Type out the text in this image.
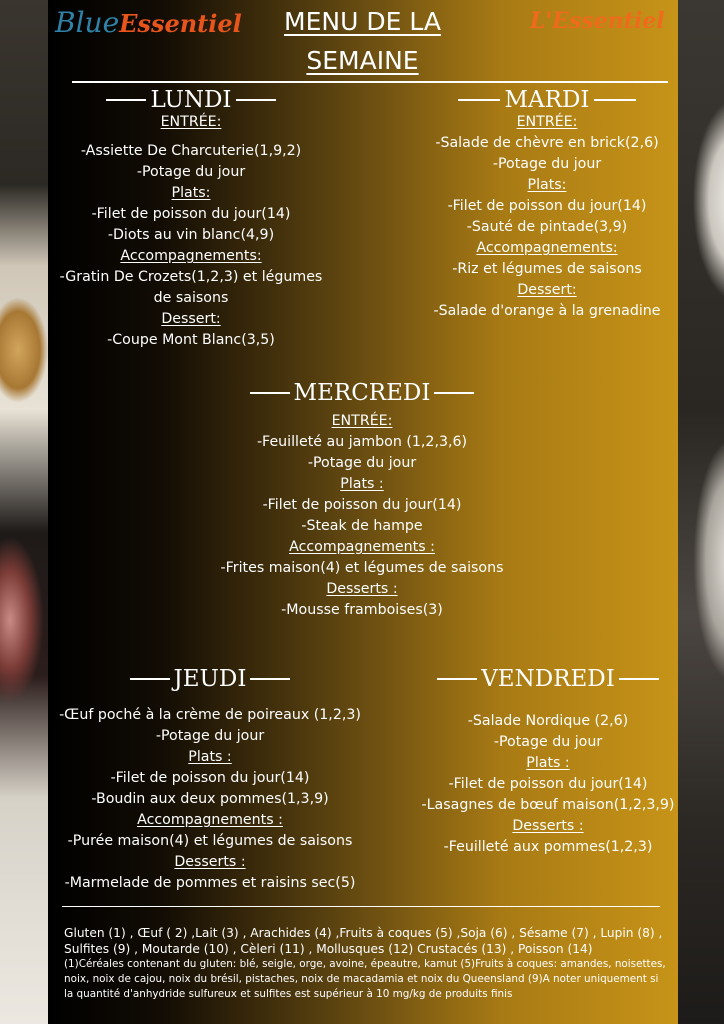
BlueEssentiel	L'Essentiel
MENU DE LA
SEMAINE
LUNDI
ENTRÉE:
-Assiette De Charcuterie(1,9,2)
-Potage du jour
Plats:
-Filet de poisson du jour(14)
-Diots au vin blanc(4,9)
Accompagnements:
-Gratin De Crozets(1,2,3) et légumes
de saisons
Dessert:
-Coupe Mont Blanc(3,5)
MARDI
ENTRÉE:
-Salade de chèvre en brick(2,6)
-Potage du jour
Plats:
-Filet de poisson du jour(14)
-Sauté de pintade(3,9)
Accompagnements:
-Riz et légumes de saisons
Dessert:
-Salade d'orange à la grenadine
MERCREDI
ENTRÉE:
-Feuilleté au jambon (1,2,3,6)
-Potage du jour
Plats :
-Filet de poisson du jour(14)
-Steak de hampe
Accompagnements :
-Frites maison(4) et légumes de saisons
Desserts :
-Mousse framboises(3)
JEUDI
-Œuf poché à la crème de poireaux (1,2,3)
-Potage du jour
Plats :
-Filet de poisson du jour(14)
-Boudin aux deux pommes(1,3,9)
Accompagnements :
-Purée maison(4) et légumes de saisons
Desserts :
-Marmelade de pommes et raisins sec(5)
VENDREDI
-Salade Nordique (2,6)
-Potage du jour
Plats :
-Filet de poisson du jour(14)
-Lasagnes de bœuf maison(1,2,3,9)
Desserts :
-Feuilleté aux pommes(1,2,3)
Gluten (1) , Œuf ( 2) ,Lait (3) , Arachides (4) ,Fruits à coques (5) ,Soja (6) , Sésame (7) , Lupin (8) , Sulfites (9) , Moutarde (10) , Cèleri (11) , Mollusques (12) Crustacés (13) , Poisson (14)
(1)Céréales contenant du gluten: blé, seigle, orge, avoine, épeautre, kamut (5)Fruits à coques: amandes, noisettes, noix, noix de cajou, noix du brésil, pistaches, noix de macadamia et noix du Queensland (9)A noter uniquement si la quantité d'anhydride sulfureux et sulfites est supérieur à 10 mg/kg de produits finis
